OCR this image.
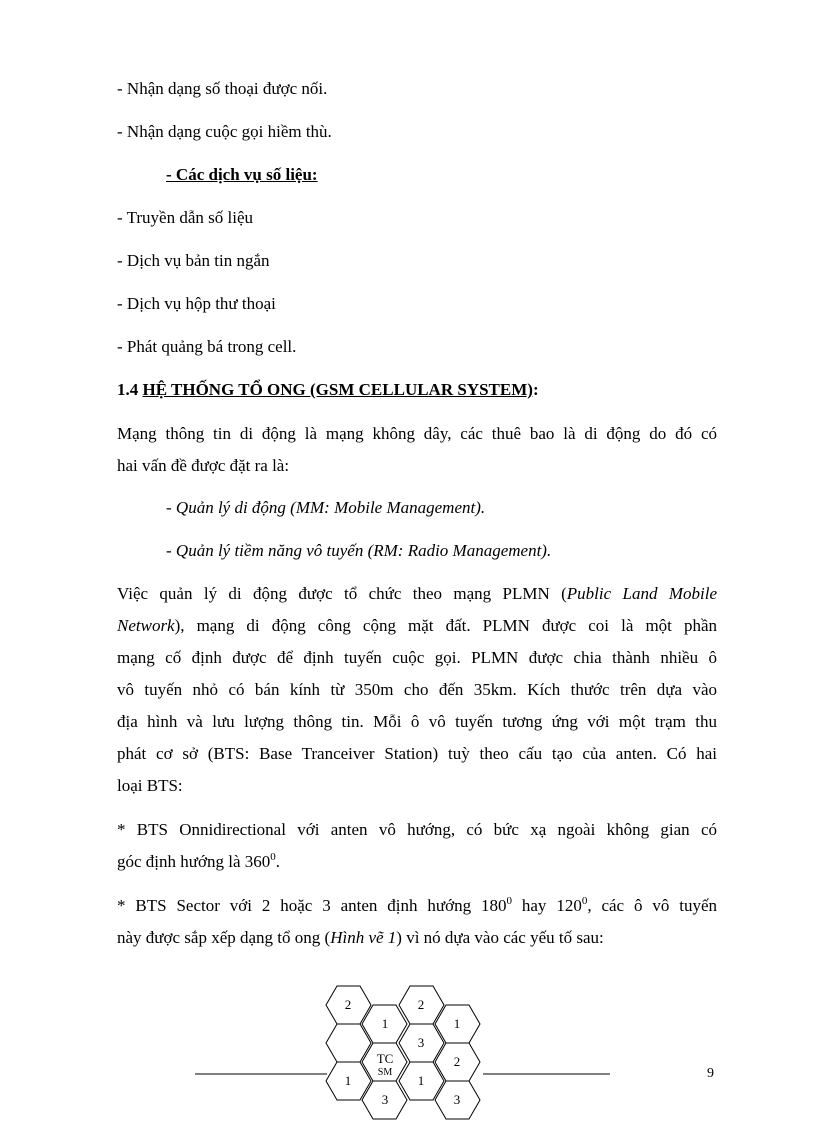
- Nhận dạng số thoại được nối.
- Nhận dạng cuộc gọi hiềm thù.
- Các dịch vụ số liệu:
- Truyền dẫn số liệu
- Dịch vụ bản tin ngắn
- Dịch vụ hộp thư thoại
- Phát quảng bá trong cell.
1.4 HỆ THỐNG TỔ ONG (GSM CELLULAR SYSTEM):
Mạng thông tin di động là mạng không dây, các thuê bao là di động do đó có
hai vấn đề được đặt ra là:
- Quản lý di động (MM: Mobile Management).
- Quản lý tiềm năng vô tuyến (RM: Radio Management).
Việc quản lý di động được tổ chức theo mạng PLMN (Public Land Mobile
Network), mạng di động công cộng mặt đất. PLMN được coi là một phần
mạng cố định được để định tuyến cuộc gọi. PLMN được chia thành nhiều ô
vô tuyến nhỏ có bán kính từ 350m cho đến 35km. Kích thước trên dựa vào
địa hình và lưu lượng thông tin. Mỗi ô vô tuyến tương ứng với một trạm thu
phát cơ sở (BTS: Base Tranceiver Station) tuỳ theo cấu tạo của anten. Có hai
loại BTS:
* BTS Onnidirectional với anten vô hướng, có bức xạ ngoài không gian có
góc định hướng là $360^0$.
* BTS Sector với 2 hoặc 3 anten định hướng $180^0$ hay $120^0$, các ô vô tuyến
này được sắp xếp dạng tổ ong (Hình vẽ 1) vì nó dựa vào các yếu tố sau:
2	2
1	1
3
TC	2
1	1
3	3
SM	9
